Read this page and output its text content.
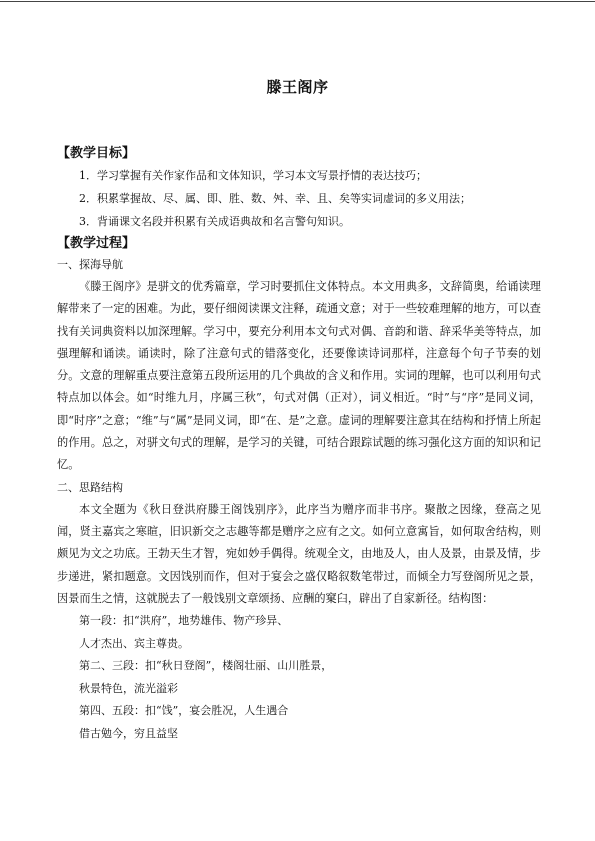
滕王阁序
【教学目标】
1．学习掌握有关作家作品和文体知识，学习本文写景抒情的表达技巧；
2．积累掌握故、尽、属、即、胜、数、舛、幸、且、矣等实词虚词的多义用法；
3．背诵课文名段并积累有关成语典故和名言警句知识。
【教学过程】
一、探海导航

《滕王阁序》是骈文的优秀篇章，学习时要抓住文体特点。本文用典多，文辞简奥，给诵读理解带来了一定的困难。为此，要仔细阅读课文注释，疏通文意；对于一些较难理解的地方，可以查找有关词典资料以加深理解。学习中，要充分利用本文句式对偶、音韵和谐、辞采华美等特点，加强理解和诵读。诵读时，除了注意句式的错落变化，还要像读诗词那样，注意每个句子节奏的划分。文意的理解重点要注意第五段所运用的几个典故的含义和作用。实词的理解，也可以利用句式特点加以体会。如“时维九月，序属三秋”，句式对偶（正对），词义相近。“时”与“序”是同义词，即“时序”之意；“维”与“属”是同义词，即“在、是”之意。虚词的理解要注意其在结构和抒情上所起的作用。总之，对骈文句式的理解，是学习的关键，可结合跟踪试题的练习强化这方面的知识和记忆。

二、思路结构

本文全题为《秋日登洪府滕王阁饯别序》，此序当为赠序而非书序。聚散之因缘，登高之见闻，贤主嘉宾之寒暄，旧识新交之志趣等都是赠序之应有之文。如何立意寓旨，如何取舍结构，则颇见为文之功底。王勃天生才智，宛如妙手偶得。统观全文，由地及人，由人及景，由景及情，步步递进，紧扣题意。文因饯别而作，但对于宴会之盛仅略叙数笔带过，而倾全力写登阁所见之景，因景而生之情，这就脱去了一般饯别文章颂扬、应酬的窠臼，辟出了自家新径。结构图：

第一段：扣“洪府”，地势雄伟、物产珍异、
人才杰出、宾主尊贵。
第二、三段：扣“秋日登阁”，楼阁壮丽、山川胜景，
秋景特色，流光溢彩
第四、五段：扣“饯”，宴会胜况，人生遇合
借古勉今，穷且益坚
